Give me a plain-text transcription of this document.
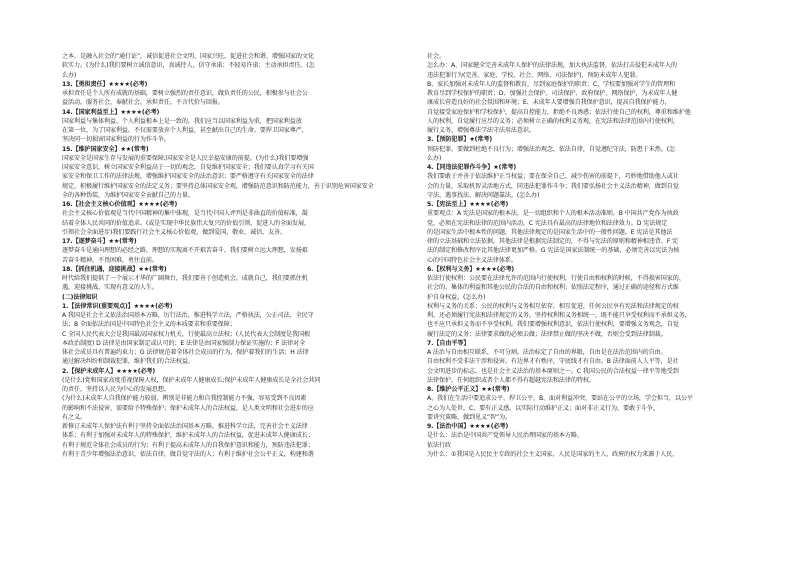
之本，是融入社会的“通行证”，诚信促进社会文明、国家兴旺，促进社会和谐、增强国家的文化
软实力。(为什么)我们要树立诚信意识，真诚待人，信守承诺；不轻易许诺；主动承担责任。(怎
么办)
13.【勇担责任】★★★★(必考)
承担责任是个人所有成就的基础，要树立强烈的责任意识，做负责任的公民，积极参与社会公
益活动，服务社会，奉献社会，承担责任，不言代价与回报。
14.【国家利益至上】★★★★(必考)
国家利益与集体利益、个人利益根本上是一致的，我们应当以国家利益为重，把国家利益放
在第一位，为了国家利益，不仅需要放弃个人利益，甚至献出自己的生命。要捍卫国家尊严，
坚决同一切损害国家利益的行为作斗争。
15.【维护国家安全】★★(常考)
国家安全是国家生存与发展的重要保障;国家安全是人民幸福安康的前提。(为什么)我们要增强
国家安全意识，树立国家安全利益高于一切的观念，自觉维护国家安全；我们要认真学习有关国
家安全和保卫工作的法律法规，增强维护国家安全的法治意识；要严格遵守有关国家安全的法律
规定，积极履行维护国家安全的法定义务；要坚持总体国家安全观，增强防范意识和防范能力，善于识别危害国家安全
全的各种伪装，为维护国家安全贡献自己的力量。
16.【社会主义核心价值观】★★★★(必考)
社会主义核心价值观是当代中国精神的集中体现，是当代中国人评判是非曲直的价值标准，凝
结着全体人民共同的价值追求。(或是实现中华民族伟大复兴的价值引领，促进人的全面发展，
引领社会全面进步)我们要践行社会主义核心价值观，做到爱国、敬业、诚信、友善。
17.【逐梦奋斗】★★(常考)
逐梦奋斗是通向理想的必经之路，理想的实现离不开艰苦奋斗，我们要树立远大理想，发扬艰
苦奋斗精神，不畏困难，勇往直前。
18.【抓住机遇，迎接挑战】★★(常考)
时代给我们提供了一个展示才华的广阔舞台，我们要善于创造机会，成就自己，我们要抓住机
遇，迎接挑战，实现有意义的人生。
(二)法律知识
1.【法律常识(重要观点)】★★★★(必考)
A 我国是社会主义依法治国基本方略，厉行法治，推进科学立法，严格执法，公正司法，全民守
法；B 全面依法治国是中国特色社会主义的本质要求和重要保障；
C 全国人民代表大会是我国最高国家权力机关，行使最高立法权；(人民代表大会制度是我国根
本政治制度) D 法律是由国家制定或认可的；E 法律是由国家强制力保证实施的；F 法律对全
体社会成员具有普遍约束力；G 法律规范着全体社会成员的行为，保护着我们的生活；H 法律
通过解决纠纷和制裁犯罪，维护我们的合法权益。
2.【保护未成年人】★★★★(必考)
(是什么)党和国家高度重视保障人权，保护未成年人健康成长;保护未成年人健康成长是全社会共同
的责任，坚持以人民为中心的发展思想。
(为什么)未成年人自我保护能力较弱，辨别是非能力和自我控制能力不强，容易受到不良因素
的影响和不法侵害，需要给予特殊保护；保护未成年人的合法权益，是人类文明和社会进步的应
有之义。
新修订未成年人保护法有利于坚持全面依法治国基本方略，推进科学立法，完善社会主义法律
体系；有利于加强对未成年人的特殊保护，维护未成年人的合法权益，促进未成年人健康成长；
有利于规范全体社会成员的行为；有利于提高未成年人的自我保护意识和能力，预防违法犯罪；
有利于青少年增强法治意识，依法自律，做自觉守法的人；有利于维护社会公平正义，构建和谐
社会。
怎么办：A、国家健全完善未成年人保护的法律法规，加大执法监督，依法打击侵犯未成年人的
违法犯罪行为(完善、家庭、学校、社会、网络、司法保护)，预防未成年人犯罪。
B、家长加强对未成年人的监督和教育，尽到家庭保护的职责；C、学校要加强对学生的管理和
教育尽到学校保护的职责；D、加强社会保护、司法保护、政府保护、网络保护，为未成年人健
康成长营造良好的社会氛围和环境；E、未成年人要增强自我保护意识，提高自我保护能力，
自觉接受家庭保护和学校保护，提高自控能力，拒绝不良诱惑；依法行使自己的权利，尊重和维护他
人的权利，自觉履行应尽的义务；必须树立正确的权利义务观，在宪法和法律范围内行使权利，
履行义务，增强尊法学法守法用法意识。
3.【预防犯罪】★(常考)
预防犯罪，要做到杜绝不良行为；增强法治观念，依法自律，自觉遵纪守法，防患于未然。(怎
么办)
4.【同违法犯罪作斗争】★(常考)
我们要敢于并善于依法维护正当权益；要在保全自己、减少伤害的前提下，巧妙地借助他人或社
会的力量，采取机智灵活地方式，同违法犯罪作斗争；我们要弘扬社会主义法治精神，做到自觉
守法、遇事找法、解决问题靠法。(怎么办)
5.【宪法至上】★★★★(必考)
重要观点：A 宪法是国家的根本法，是一切组织和个人的根本活动准则。B 中国共产党作为执政
党，必须在宪法和法律的范围内活动。C 宪法具有最高的法律地位和法律效力。D 宪法规定
的是国家生活中根本性的问题，其他法律规定的是国家生活中的一般性问题。E 宪法是其他法
律的立法基础和立法依据，其他法律是根据宪法制定的，不得与宪法的原则和精神相违背。F 宪
法的制定和修改程序比其他法律更加严格。G 宪法是国家法制统一的基础，必须完善以宪法为核
心的中国特色社会主义法律体系。
6.【权利与义务】★★★★(必考)
依法行使权利：公民要在法律允许的范围内行使权利，行使自由和权利的时候，不得损害国家的、
社会的、集体的利益和其他公民的合法的自由和权利；依照法定程序，通过正确的途径和方式维
护自身权益。(怎么办)
权利与义务的关系：公民的权利与义务相互依存、相互促进，任何公民享有宪法和法律规定的权
利，还必须履行宪法和法律规定的义务。坚持权利和义务相统一，既不能只享受权利而不承担义务，
也不应只承担义务而不享受权利。我们要增强权利意识，依法行使权利，要增强义务观念，自觉
履行法定的义务；法律要求做的必须去做；法律禁止做的坚决不做，否则会受到法律制裁。
7.【自由平等】
A 法治与自由相互联系，不可分割。法治标定了自由的界限，自由是在法治范围内的自由。
自由权利不受非法干涉和侵害。有边界才有秩序，守底线才有自由。B 法律面前人人平等，是社
会文明进步的标志，也是社会主义法治的基本原则之一。C 我国公民的合法权益一律平等地受到
法律保护，任何组织或者个人都不得有超越宪法和法律的特权。
8.【维护公平正义】★★(常考)
A、我们在生活中要追求公平，捍卫公平，B、面对利益冲突，要站在公平的立场，学会担当，以公平
之心为人处世，C、要有正义感，以实际行动维护正义；面对非正义行为，要敢于斗争，
要讲究策略，做到见义“智”为。
9.【法治中国】★★★★(必考)
是什么：法治是中国共产党领导人民治理国家的基本方略。
依法行政
为什么：①我国是人民民主专政的社会主义国家，人民是国家的主人，政府的权力来源于人民，
